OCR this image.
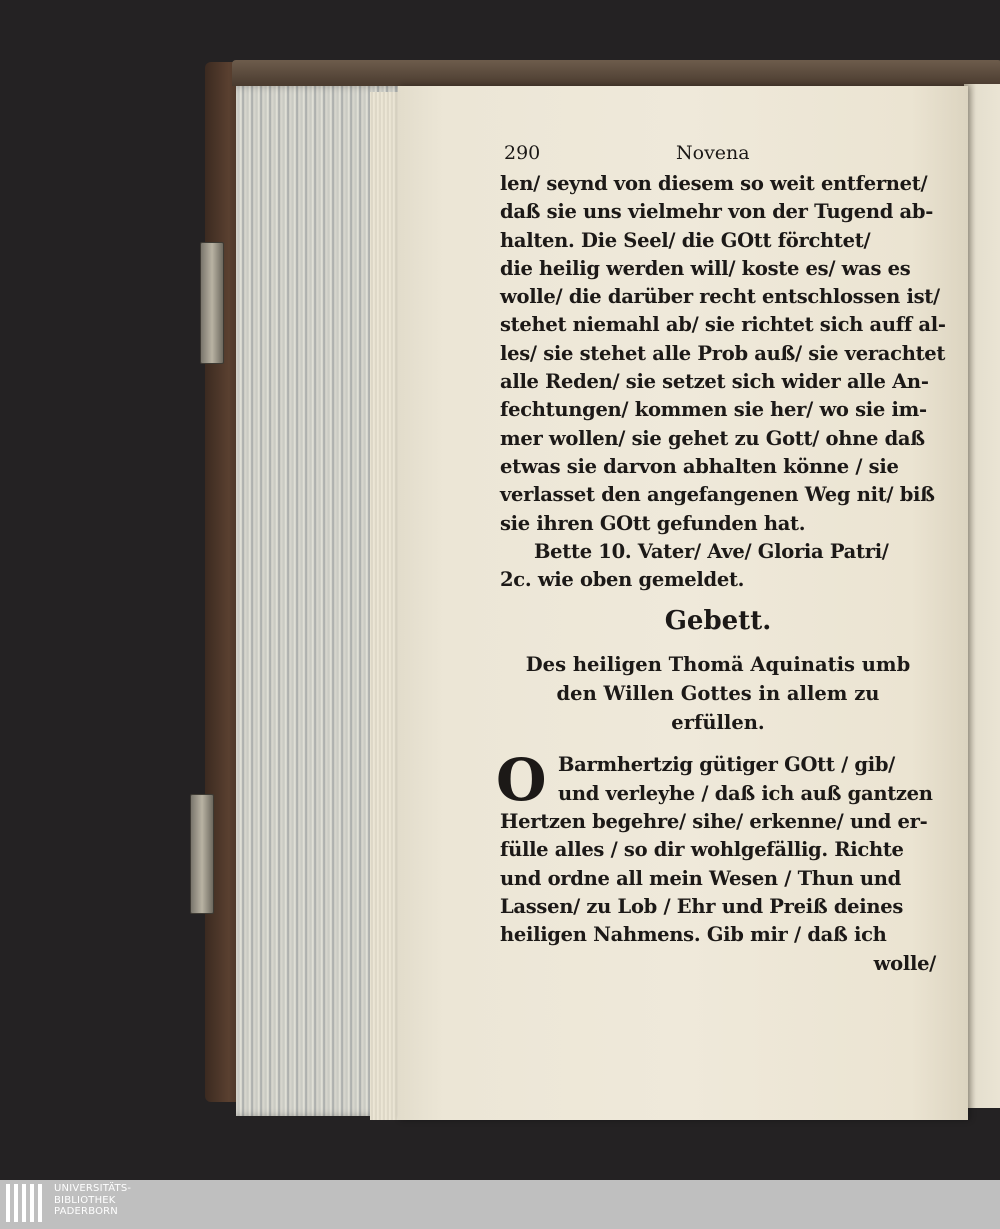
290	Novena
len/ seynd von diesem so weit entfernet/
daß sie uns vielmehr von der Tugend ab-
halten. Die Seel/ die GOtt förchtet/
die heilig werden will/ koste es/ was es
wolle/ die darüber recht entschlossen ist/
stehet niemahl ab/ sie richtet sich auff al-
les/ sie stehet alle Prob auß/ sie verachtet
alle Reden/ sie setzet sich wider alle An-
fechtungen/ kommen sie her/ wo sie im-
mer wollen/ sie gehet zu Gott/ ohne daß
etwas sie darvon abhalten könne / sie
verlasset den angefangenen Weg nit/ biß
sie ihren GOtt gefunden hat.
Bette 10. Vater/ Ave/ Gloria Patri/
2c. wie oben gemeldet.
Gebett.
Des heiligen Thomä Aquinatis umb
den Willen Gottes in allem zu
erfüllen.
O Barmhertzig gütiger GOtt / gib/
und verleyhe / daß ich auß gantzen
Hertzen begehre/ sihe/ erkenne/ und er-
fülle alles / so dir wohlgefällig. Richte
und ordne all mein Wesen / Thun und
Lassen/ zu Lob / Ehr und Preiß deines
heiligen Nahmens. Gib mir / daß ich
wolle/
UNIVERSITÄTS-
BIBLIOTHEK
PADERBORN
